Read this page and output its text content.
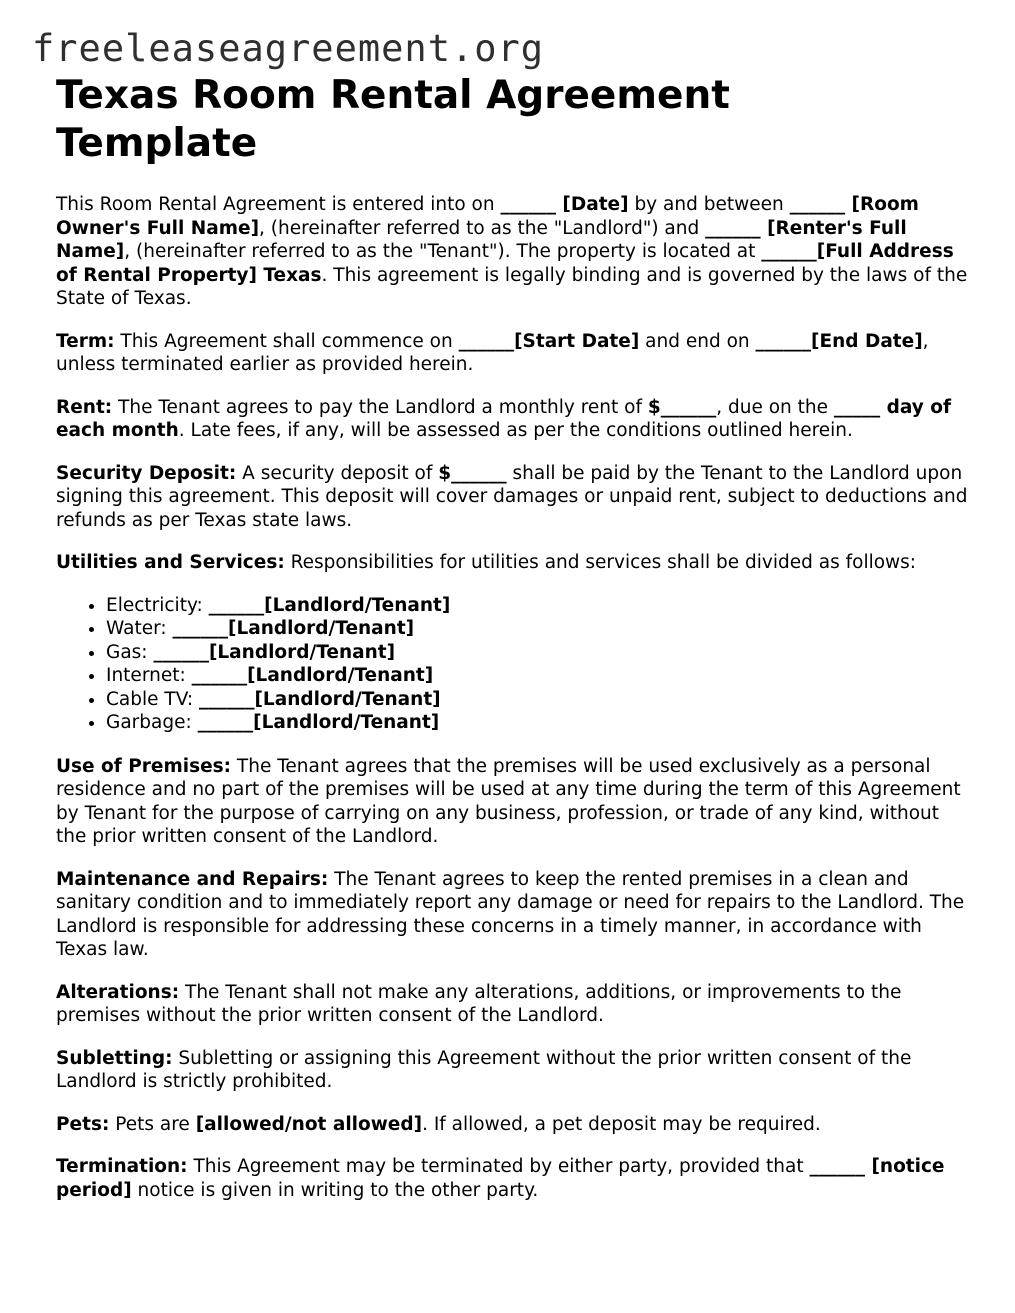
freeleaseagreement.org
Texas Room Rental Agreement Template

This Room Rental Agreement is entered into on ______ [Date] by and between ______ [Room Owner's Full Name], (hereinafter referred to as the "Landlord") and ______ [Renter's Full Name], (hereinafter referred to as the "Tenant"). The property is located at ______[Full Address of Rental Property] Texas. This agreement is legally binding and is governed by the laws of the State of Texas.

Term: This Agreement shall commence on ______[Start Date] and end on ______[End Date], unless terminated earlier as provided herein.

Rent: The Tenant agrees to pay the Landlord a monthly rent of $______, due on the _____ day of each month. Late fees, if any, will be assessed as per the conditions outlined herein.

Security Deposit: A security deposit of $______ shall be paid by the Tenant to the Landlord upon signing this agreement. This deposit will cover damages or unpaid rent, subject to deductions and refunds as per Texas state laws.

Utilities and Services: Responsibilities for utilities and services shall be divided as follows:

• Electricity: ______[Landlord/Tenant]
• Water: ______[Landlord/Tenant]
• Gas: ______[Landlord/Tenant]
• Internet: ______[Landlord/Tenant]
• Cable TV: ______[Landlord/Tenant]
• Garbage: ______[Landlord/Tenant]

Use of Premises: The Tenant agrees that the premises will be used exclusively as a personal residence and no part of the premises will be used at any time during the term of this Agreement by Tenant for the purpose of carrying on any business, profession, or trade of any kind, without the prior written consent of the Landlord.

Maintenance and Repairs: The Tenant agrees to keep the rented premises in a clean and sanitary condition and to immediately report any damage or need for repairs to the Landlord. The Landlord is responsible for addressing these concerns in a timely manner, in accordance with Texas law.

Alterations: The Tenant shall not make any alterations, additions, or improvements to the premises without the prior written consent of the Landlord.

Subletting: Subletting or assigning this Agreement without the prior written consent of the Landlord is strictly prohibited.

Pets: Pets are [allowed/not allowed]. If allowed, a pet deposit may be required.

Termination: This Agreement may be terminated by either party, provided that ______ [notice period] notice is given in writing to the other party.
